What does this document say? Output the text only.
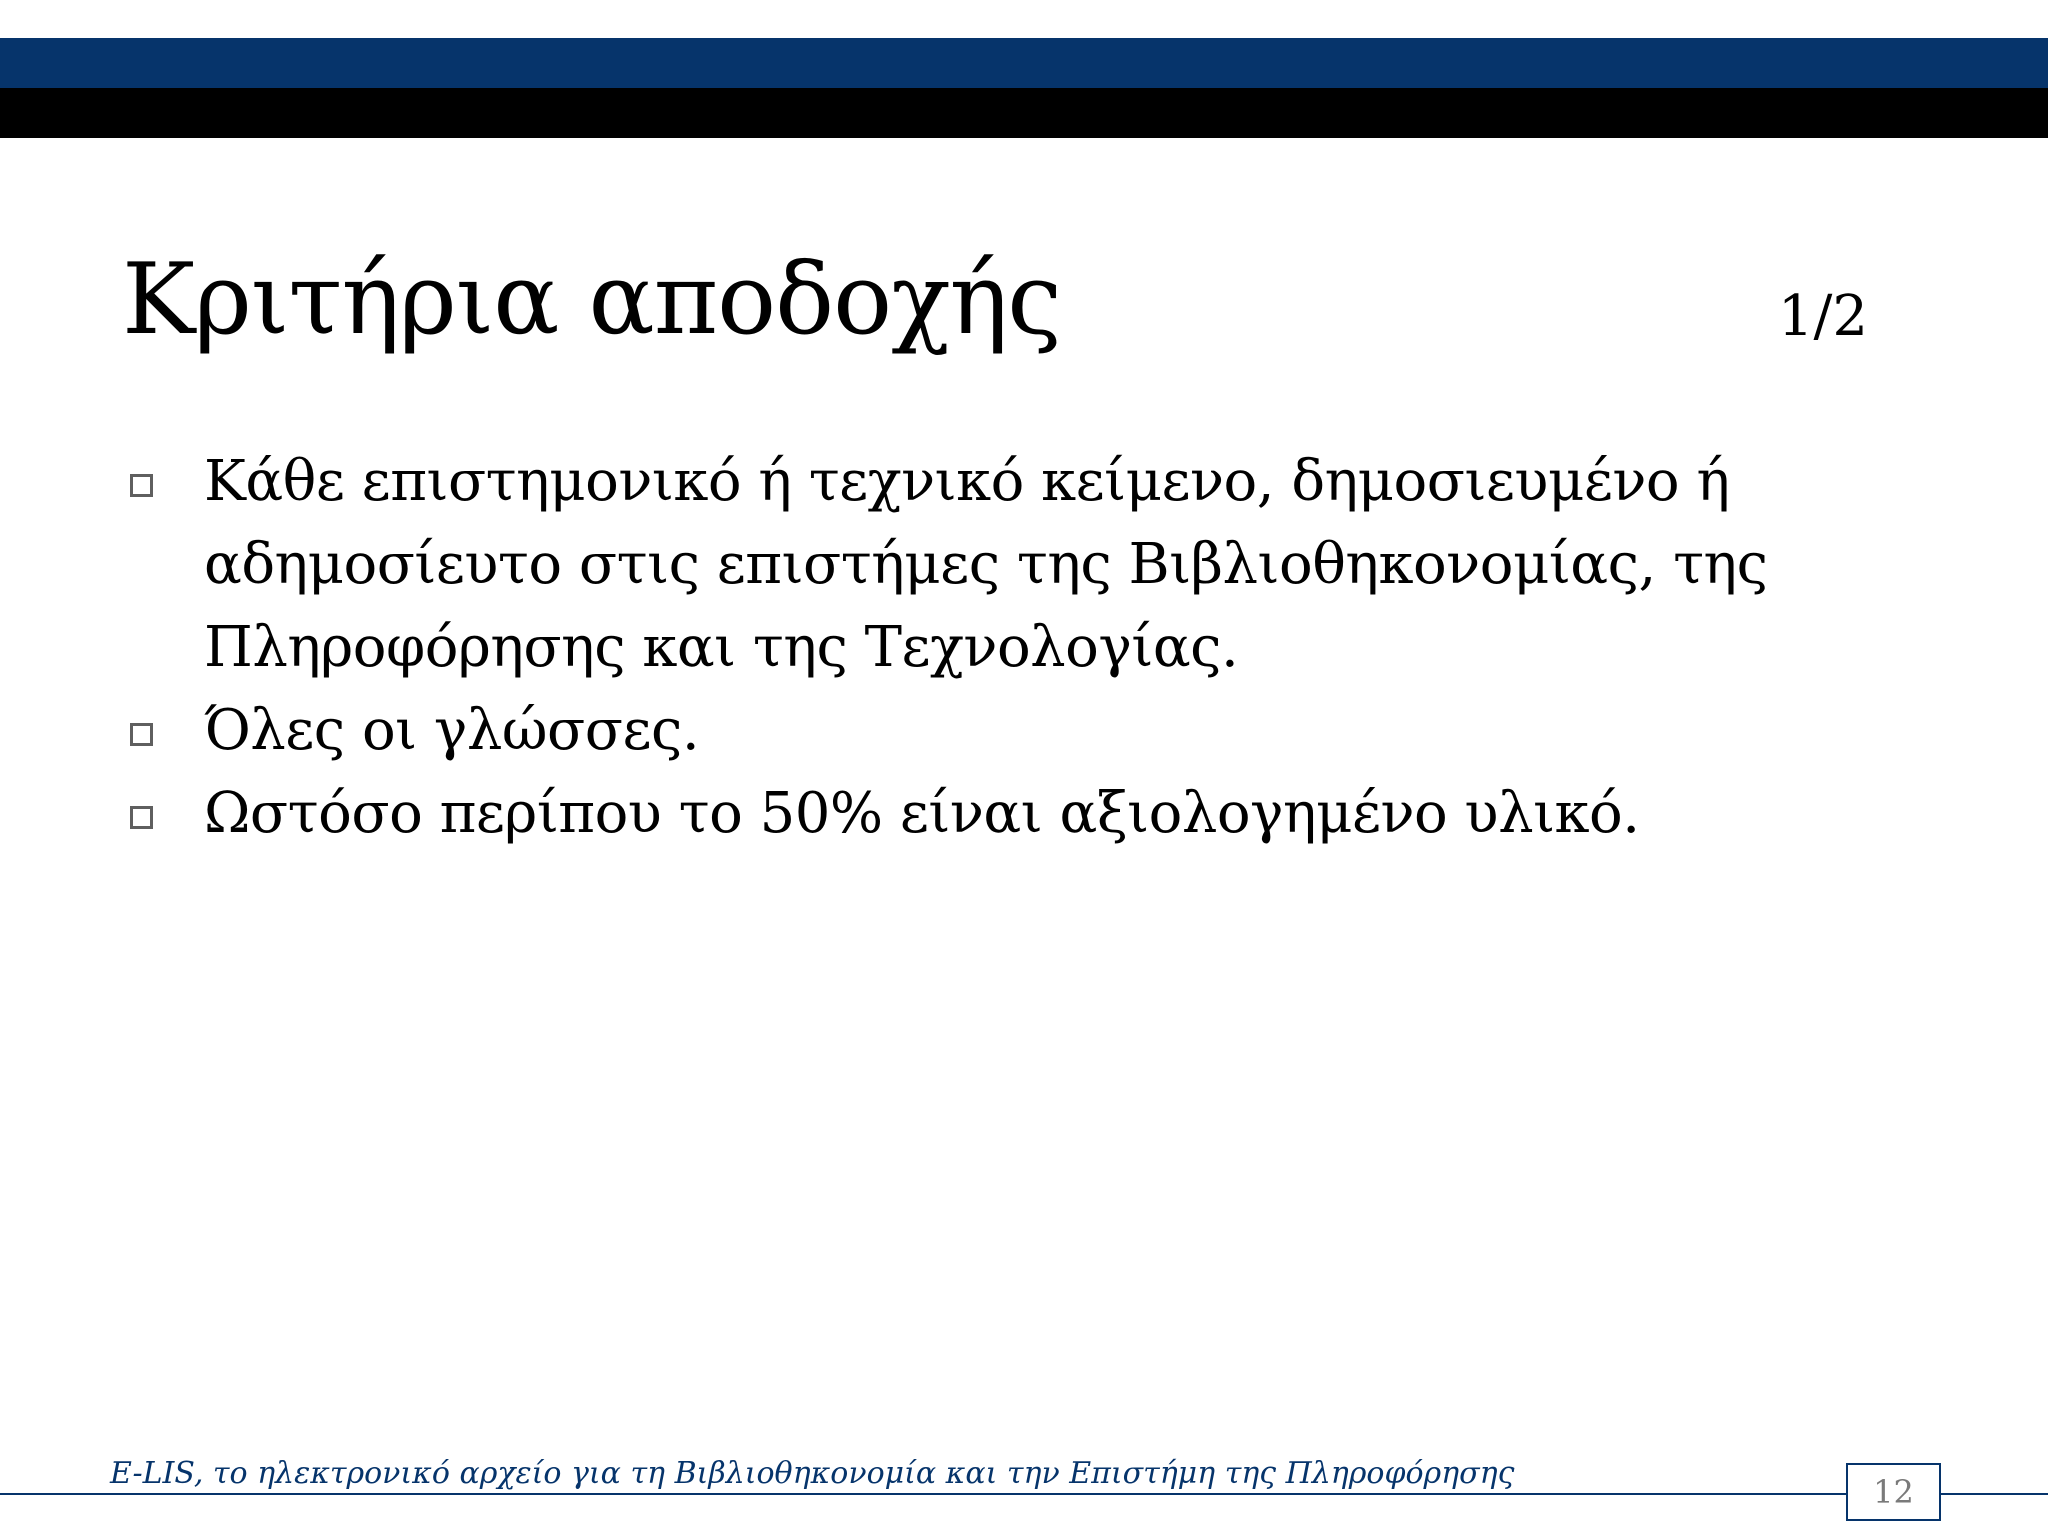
Κριτήρια αποδοχής	1/2
Κάθε επιστημονικό ή τεχνικό κείμενο, δημοσιευμένο ή αδημοσίευτο στις επιστήμες της Βιβλιοθηκονομίας, της Πληροφόρησης και της Τεχνολογίας.
Όλες οι γλώσσες.
Ωστόσο περίπου το 50% είναι αξιολογημένο υλικό.
E-LIS, το ηλεκτρονικό αρχείο για τη Βιβλιοθηκονομία και την Επιστήμη της Πληροφόρησης	12
